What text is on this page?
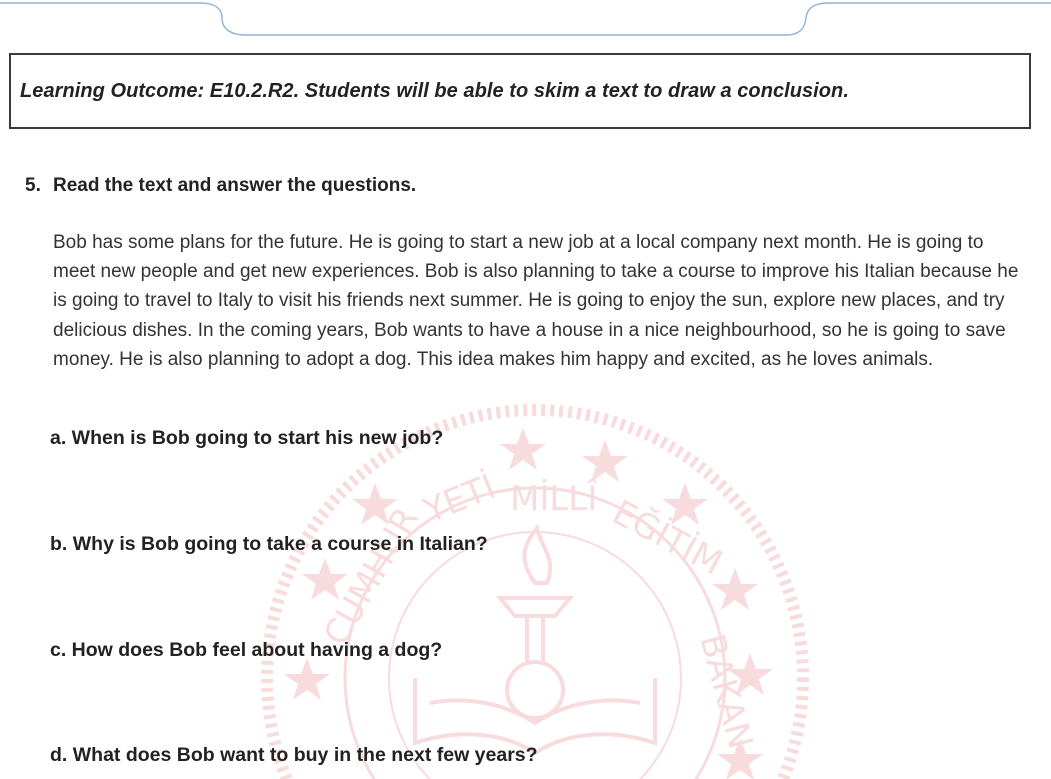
YETİ MİLLÎ EĞİTİM
BAKAN
CUMHUR
Learning Outcome: E10.2.R2. Students will be able to skim a text to draw a conclusion.
5. Read the text and answer the questions.
Bob has some plans for the future. He is going to start a new job at a local company next month. He is going to meet new people and get new experiences. Bob is also planning to take a course to improve his Italian because he is going to travel to Italy to visit his friends next summer. He is going to enjoy the sun, explore new places, and try delicious dishes. In the coming years, Bob wants to have a house in a nice neighbourhood, so he is going to save money. He is also planning to adopt a dog. This idea makes him happy and excited, as he loves animals.
a. When is Bob going to start his new job?
b. Why is Bob going to take a course in Italian?
c. How does Bob feel about having a dog?
d. What does Bob want to buy in the next few years?
